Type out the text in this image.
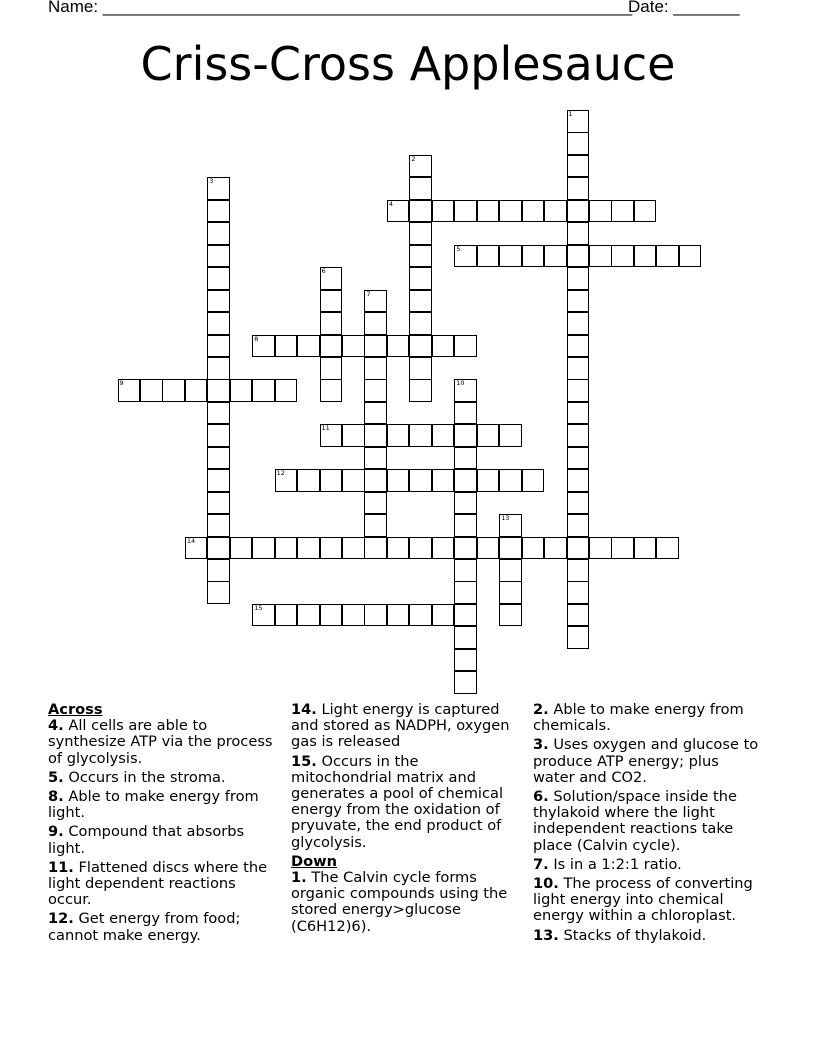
Name: ________________________________________________________
Date: _______
Criss-Cross Applesauce
1
2
3
4
5
6
7
8
9	10
11
12
13
14
15
Across
4. All cells are able to synthesize ATP via the process of glycolysis.
5. Occurs in the stroma.
8. Able to make energy from light.
9. Compound that absorbs light.
11. Flattened discs where the light dependent reactions occur.
12. Get energy from food; cannot make energy.
14. Light energy is captured and stored as NADPH, oxygen gas is released
15. Occurs in the mitochondrial matrix and generates a pool of chemical energy from the oxidation of pryuvate, the end product of glycolysis.
Down
1. The Calvin cycle forms organic compounds using the stored energy>glucose (C6H12)6).
2. Able to make energy from chemicals.
3. Uses oxygen and glucose to produce ATP energy; plus water and CO2.
6. Solution/space inside the thylakoid where the light independent reactions take place (Calvin cycle).
7. Is in a 1:2:1 ratio.
10. The process of converting light energy into chemical energy within a chloroplast.
13. Stacks of thylakoid.
